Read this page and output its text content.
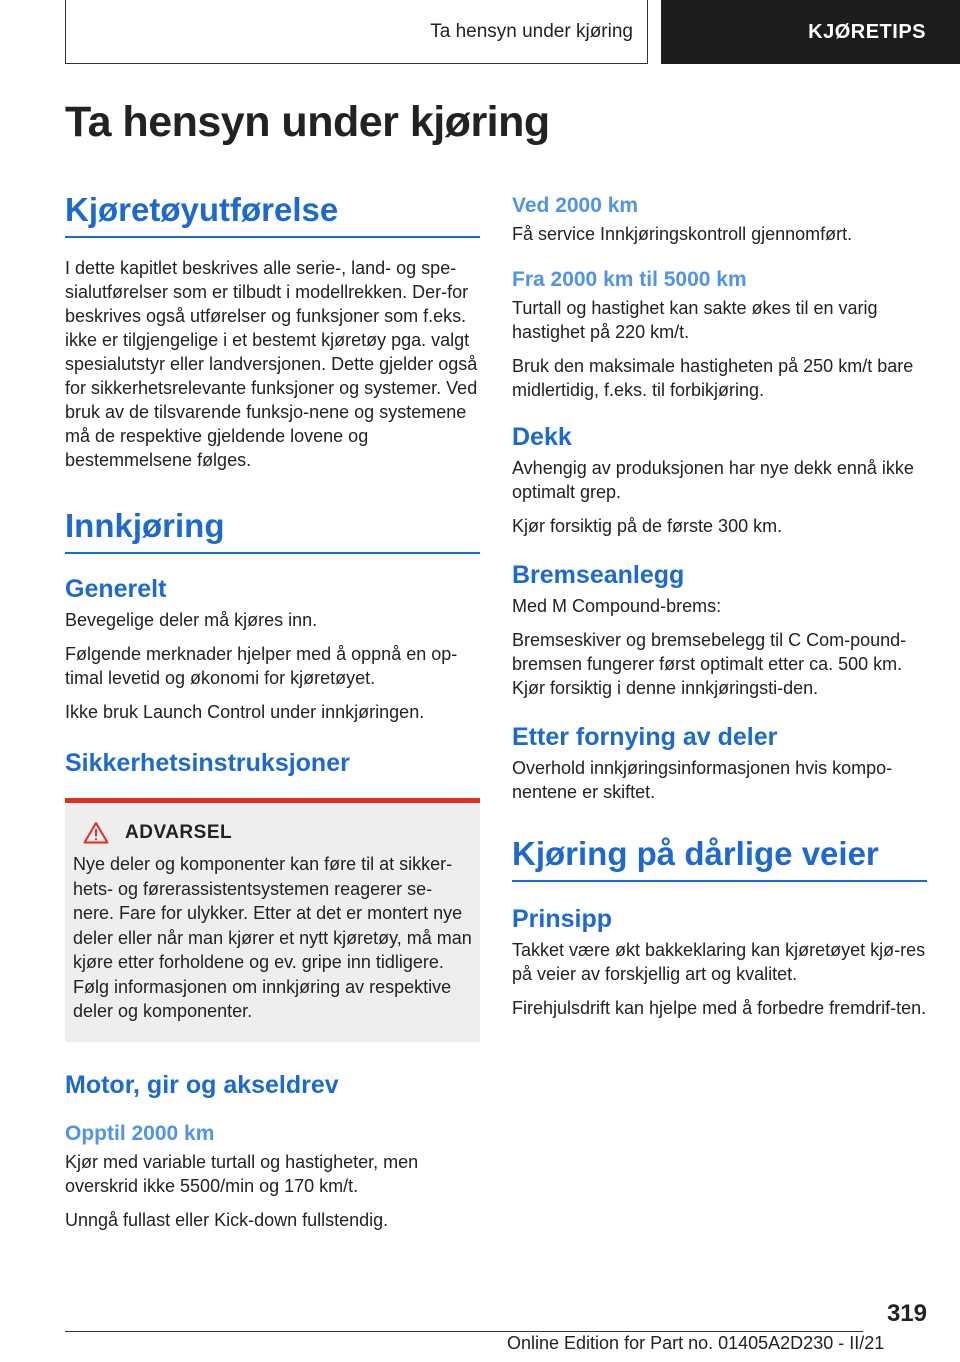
Ta hensyn under kjøring	KJØRETIPS
Ta hensyn under kjøring
Kjøretøyutførelse

I dette kapitlet beskrives alle serie-, land- og spe-sialutførelser som er tilbudt i modellrekken. Der-for beskrives også utførelser og funksjoner som f.eks. ikke er tilgjengelige i et bestemt kjøretøy pga. valgt spesialutstyr eller landversjonen. Dette gjelder også for sikkerhetsrelevante funksjoner og systemer. Ved bruk av de tilsvarende funksjo-nene og systemene må de respektive gjeldende lovene og bestemmelsene følges.

Innkjøring
Generelt

Bevegelige deler må kjøres inn.

Følgende merknader hjelper med å oppnå en op-timal levetid og økonomi for kjøretøyet.

Ikke bruk Launch Control under innkjøringen.

Sikkerhetsinstruksjoner
ADVARSEL

Nye deler og komponenter kan føre til at sikker-hets- og førerassistentsystemen reagerer se-nere. Fare for ulykker. Etter at det er montert nye deler eller når man kjører et nytt kjøretøy, må man kjøre etter forholdene og ev. gripe inn tidligere. Følg informasjonen om innkjøring av respektive deler og komponenter.

Motor, gir og akseldrev
Opptil 2000 km

Kjør med variable turtall og hastigheter, men overskrid ikke 5500/min og 170 km/t.

Unngå fullast eller Kick-down fullstendig.

Ved 2000 km

Få service Innkjøringskontroll gjennomført.

Fra 2000 km til 5000 km

Turtall og hastighet kan sakte økes til en varig hastighet på 220 km/t.

Bruk den maksimale hastigheten på 250 km/t bare midlertidig, f.eks. til forbikjøring.

Dekk

Avhengig av produksjonen har nye dekk ennå ikke optimalt grep.

Kjør forsiktig på de første 300 km.

Bremseanlegg

Med M Compound-brems:

Bremseskiver og bremsebelegg til C Com-pound-bremsen fungerer først optimalt etter ca. 500 km. Kjør forsiktig i denne innkjøringsti-den.

Etter fornying av deler

Overhold innkjøringsinformasjonen hvis kompo-nentene er skiftet.

Kjøring på dårlige veier
Prinsipp

Takket være økt bakkeklaring kan kjøretøyet kjø-res på veier av forskjellig art og kvalitet.

Firehjulsdrift kan hjelpe med å forbedre fremdrif-ten.

319
Online Edition for Part no. 01405A2D230 - II/21
